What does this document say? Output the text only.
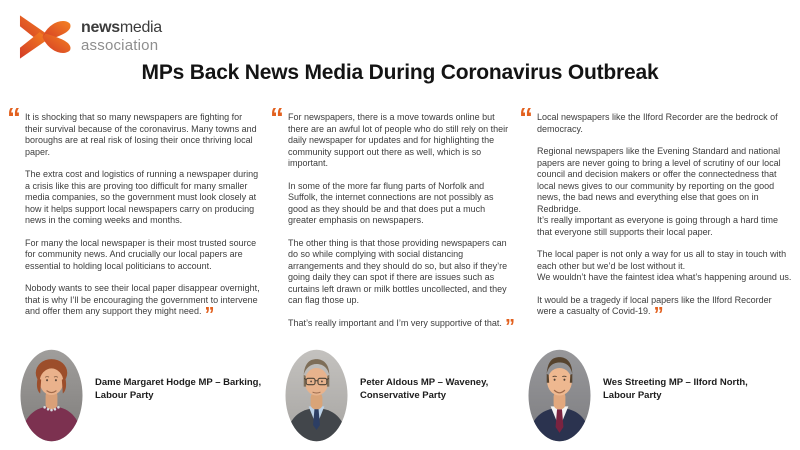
newsmedia
association
MPs Back News Media During Coronavirus Outbreak
“ It is shocking that so many newspapers are fighting for their survival because of the coronavirus. Many towns and boroughs are at real risk of losing their once thriving local paper.

The extra cost and logistics of running a newspaper during a crisis like this are proving too difficult for many smaller media companies, so the government must look closely at how it helps support local newspapers carry on producing news in the coming weeks and months.

For many the local newspaper is their most trusted source for community news. And crucially our local papers are essential to holding local politicians to account.

Nobody wants to see their local paper disappear overnight, that is why I’ll be encouraging the government to intervene and offer them any support they might need. ”

“ For newspapers, there is a move towards online but there are an awful lot of people who do still rely on their daily newspaper for updates and for highlighting the community support out there as well, which is so important.

In some of the more far flung parts of Norfolk and Suffolk, the internet connections are not possibly as good as they should be and that does put a much greater emphasis on newspapers.

The other thing is that those providing newspapers can do so while complying with social distancing arrangements and they should do so, but also if they’re going daily they can spot if there are issues such as curtains left drawn or milk bottles uncollected, and they can flag those up.

That’s really important and I’m very supportive of that. ”

“ Local newspapers like the Ilford Recorder are the bedrock of democracy.

Regional newspapers like the Evening Standard and national papers are never going to bring a level of scrutiny of our local council and decision makers or offer the connectedness that local news gives to our community by reporting on the good news, the bad news and everything else that goes on in Redbridge.

It’s really important as everyone is going through a hard time that everyone still supports their local paper.

The local paper is not only a way for us all to stay in touch with each other but we’d be lost without it.

We wouldn’t have the faintest idea what’s happening around us.

It would be a tragedy if local papers like the Ilford Recorder were a casualty of Covid-19. ”

Dame Margaret Hodge MP – Barking,
Labour Party
Peter Aldous MP – Waveney,
Conservative Party
Wes Streeting MP – Ilford North,
Labour Party
